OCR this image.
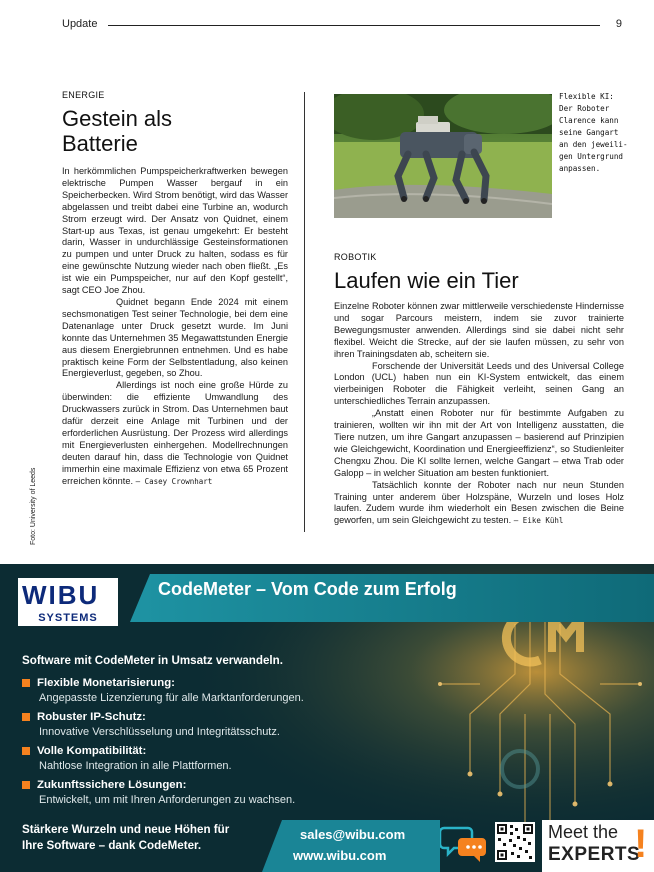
Update	9
ENERGIE
Gestein als
Batterie

In herkömmlichen Pumpspeicherkraftwerken bewegen elektrische Pumpen Wasser bergauf in ein Speicherbecken. Wird Strom benötigt, wird das Wasser abgelassen und treibt dabei eine Turbine an, wodurch Strom erzeugt wird. Der Ansatz von Quidnet, einem Start-up aus Texas, ist genau umgekehrt: Er besteht darin, Wasser in undurchlässige Gesteinsformationen zu pumpen und unter Druck zu halten, sodass es für eine gewünschte Nutzung wieder nach oben fließt. „Es ist wie ein Pumpspeicher, nur auf den Kopf gestellt“, sagt CEO Joe Zhou.

Quidnet begann Ende 2024 mit einem sechsmonatigen Test seiner Technologie, bei dem eine Datenanlage unter Druck gesetzt wurde. Im Juni konnte das Unternehmen 35 Megawattstunden Energie aus diesem Energiebrunnen entnehmen. Und es habe praktisch keine Form der Selbstentladung, also keinen Energieverlust, gegeben, so Zhou.

Allerdings ist noch eine große Hürde zu überwinden: die effiziente Umwandlung des Druckwassers zurück in Strom. Das Unternehmen baut dafür derzeit eine Anlage mit Turbinen und der erforderlichen Ausrüstung. Der Prozess wird allerdings mit Energieverlusten einhergehen. Modellrechnungen deuten darauf hin, dass die Technologie von Quidnet immerhin eine maximale Effizienz von etwa 65 Prozent erreichen könnte. – Casey Crownhart

Foto: University of Leeds
Flexible KI:
Der Roboter
Clarence kann
seine Gangart
an den jeweili-
gen Untergrund
anpassen.
ROBOTIK
Laufen wie ein Tier

Einzelne Roboter können zwar mittlerweile verschiedenste Hindernisse und sogar Parcours meistern, indem sie zuvor trainierte Bewegungsmuster anwenden. Allerdings sind sie dabei nicht sehr flexibel. Weicht die Strecke, auf der sie laufen müssen, zu sehr von ihren Trainingsdaten ab, scheitern sie.

Forschende der Universität Leeds und des Universal College London (UCL) haben nun ein KI-System entwickelt, das einem vierbeinigen Roboter die Fähigkeit verleiht, seinen Gang an unterschiedliches Terrain anzupassen.

„Anstatt einen Roboter nur für bestimmte Aufgaben zu trainieren, wollten wir ihn mit der Art von Intelligenz ausstatten, die Tiere nutzen, um ihre Gangart anzupassen – basierend auf Prinzipien wie Gleichgewicht, Koordination und Energieeffizienz“, so Studienleiter Chengxu Zhou. Die KI sollte lernen, welche Gangart – etwa Trab oder Galopp – in welcher Situation am besten funktioniert.

Tatsächlich konnte der Roboter nach nur neun Stunden Training unter anderem über Holzspäne, Wurzeln und loses Holz laufen. Zudem wurde ihm wiederholt ein Besen zwischen die Beine geworfen, um sein Gleichgewicht zu testen. – Eike Kühl

WIBU
SYSTEMS
CodeMeter – Vom Code zum Erfolg
Software mit CodeMeter in Umsatz verwandeln.
Flexible Monetarisierung:
Angepasste Lizenzierung für alle Marktanforderungen.
Robuster IP-Schutz:
Innovative Verschlüsselung und Integritätsschutz.
Volle Kompatibilität:
Nahtlose Integration in alle Plattformen.
Zukunftssichere Lösungen:
Entwickelt, um mit Ihren Anforderungen zu wachsen.
Stärkere Wurzeln und neue Höhen für
Ihre Software – dank CodeMeter.
sales@wibu.com
www.wibu.com
Meet the
EXPERTS
!
